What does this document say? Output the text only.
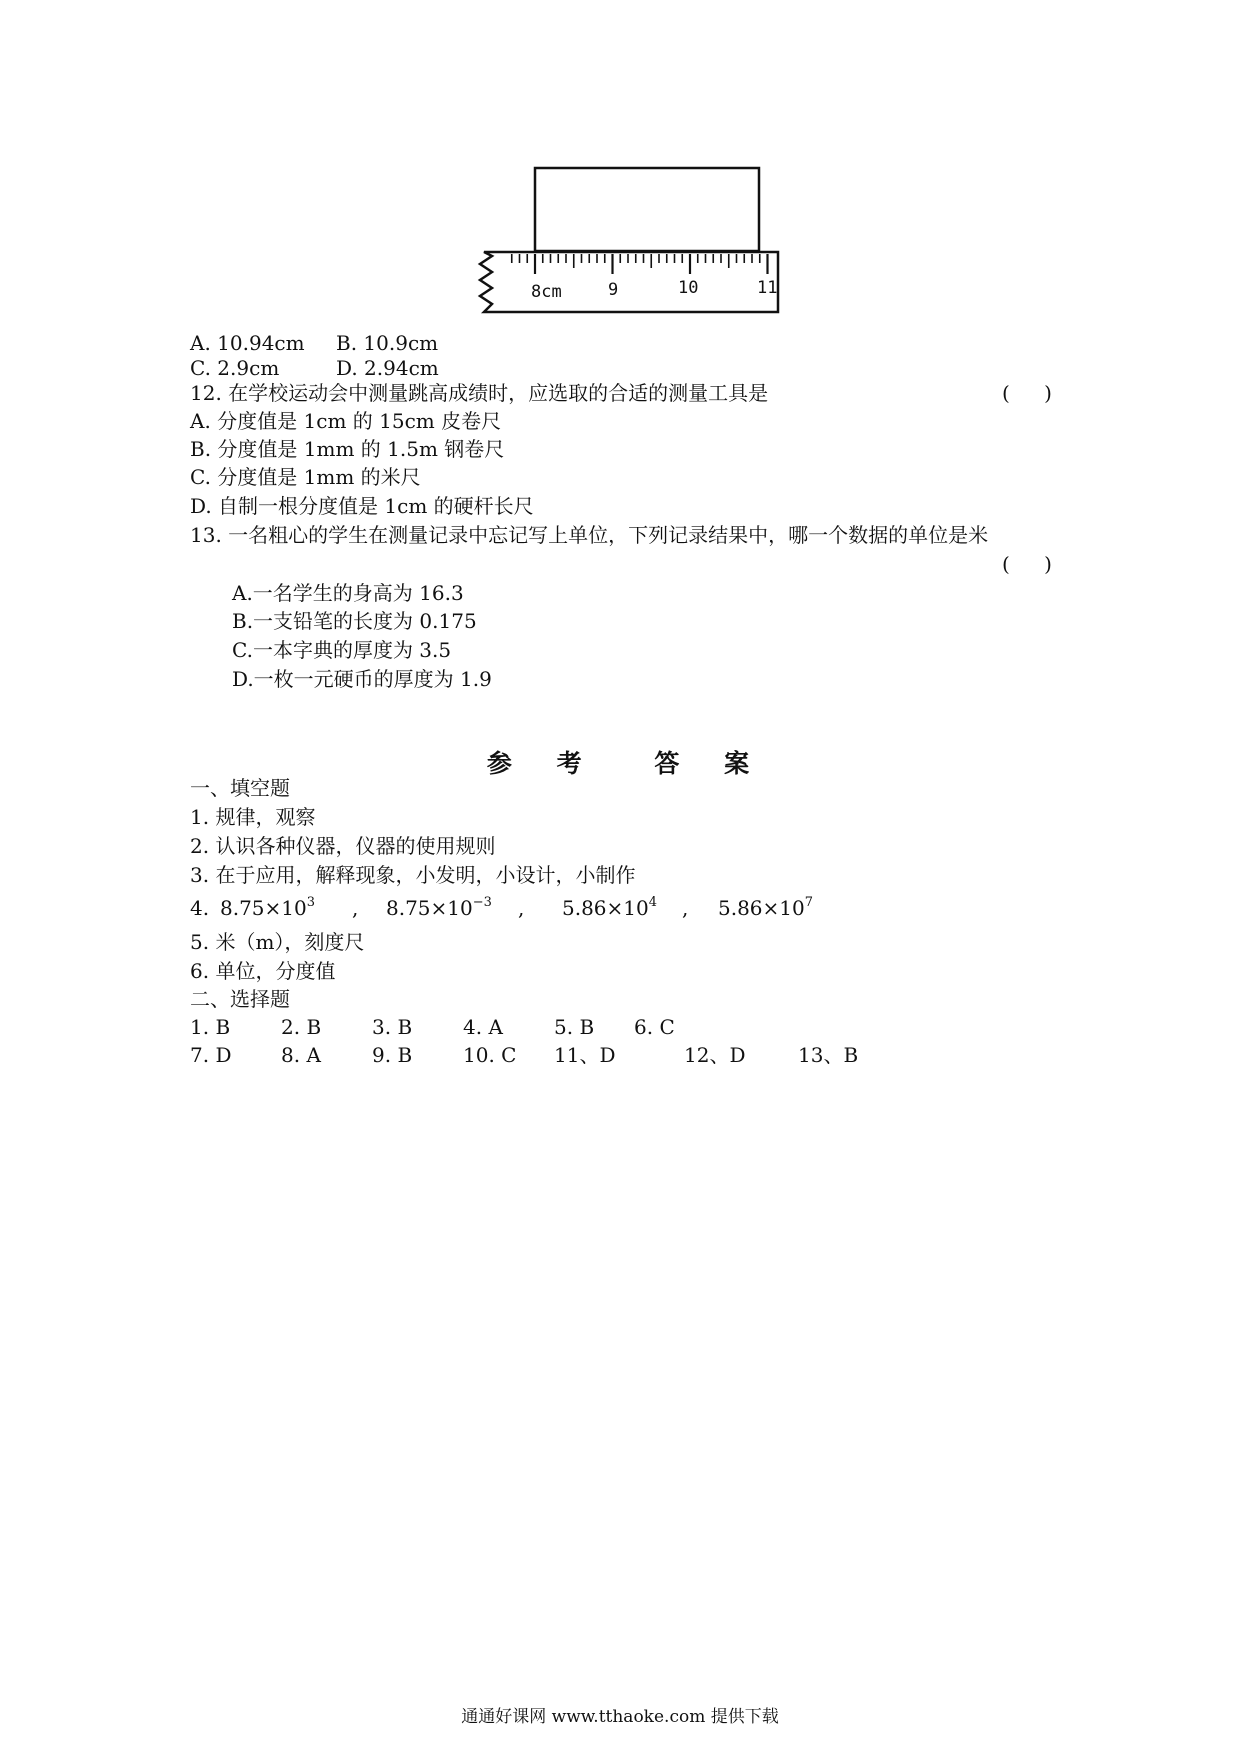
8cm	9	10	11
A. 10.94cm	B. 10.9cm
C. 2.9cm	D. 2.94cm
12. 在学校运动会中测量跳高成绩时，应选取的合适的测量工具是	( )
A. 分度值是 1cm 的 15cm 皮卷尺
B. 分度值是 1mm 的 1.5m 钢卷尺
C. 分度值是 1mm 的米尺
D. 自制一根分度值是 1cm 的硬杆长尺
13. 一名粗心的学生在测量记录中忘记写上单位，下列记录结果中，哪一个数据的单位是米
( )
A.一名学生的身高为 16.3
B.一支铅笔的长度为 0.175
C.一本字典的厚度为 3.5
D.一枚一元硬币的厚度为 1.9
参 考	答 案
一、填空题
1. 规律，观察
2. 认识各种仪器，仪器的使用规则
3. 在于应用，解释现象，小发明，小设计，小制作
4. $8.75\times 10^3$	,	$8.75\times 10^{-3}$	,	$5.86\times 10^4$	,	$5.86\times 10^7$
5. 米（m），刻度尺
6. 单位，分度值
二、选择题
1. B	2. B	3. B	4. A	5. B	6. C
7. D	8. A	9. B	10. C	11、D	12、D	13、B
通通好课网 www.tthaoke.com 提供下载
